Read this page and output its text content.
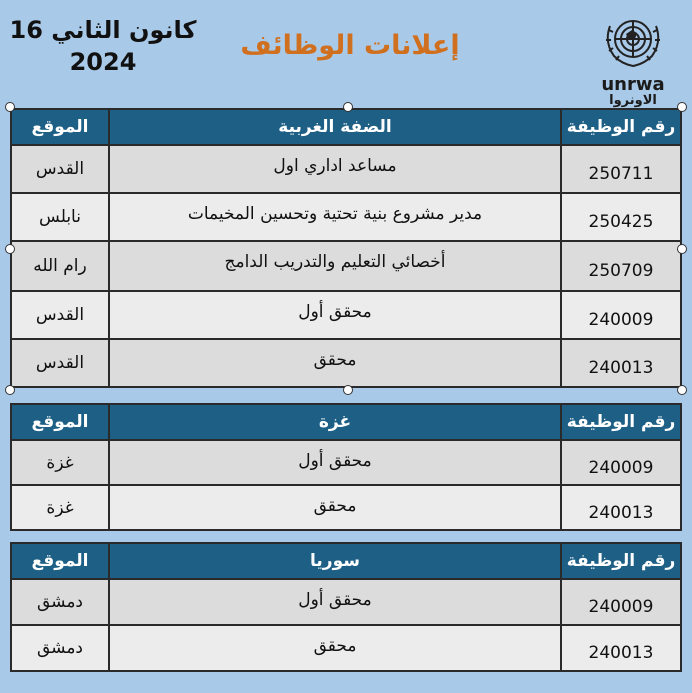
16 كانون الثاني
2024
إعلانات الوظائف
unrwa
الاونروا
رقم الوظيفة	الضفة الغربية	الموقع
250711	مساعد اداري اول	القدس
250425	مدير مشروع بنية تحتية وتحسين المخيمات	نابلس
250709	أخصائي التعليم والتدريب الدامج	رام الله
240009	محقق أول	القدس
240013	محقق	القدس
رقم الوظيفة	غزة	الموقع
240009	محقق أول	غزة
240013	محقق	غزة
رقم الوظيفة	سوريا	الموقع
240009	محقق أول	دمشق
240013	محقق	دمشق
